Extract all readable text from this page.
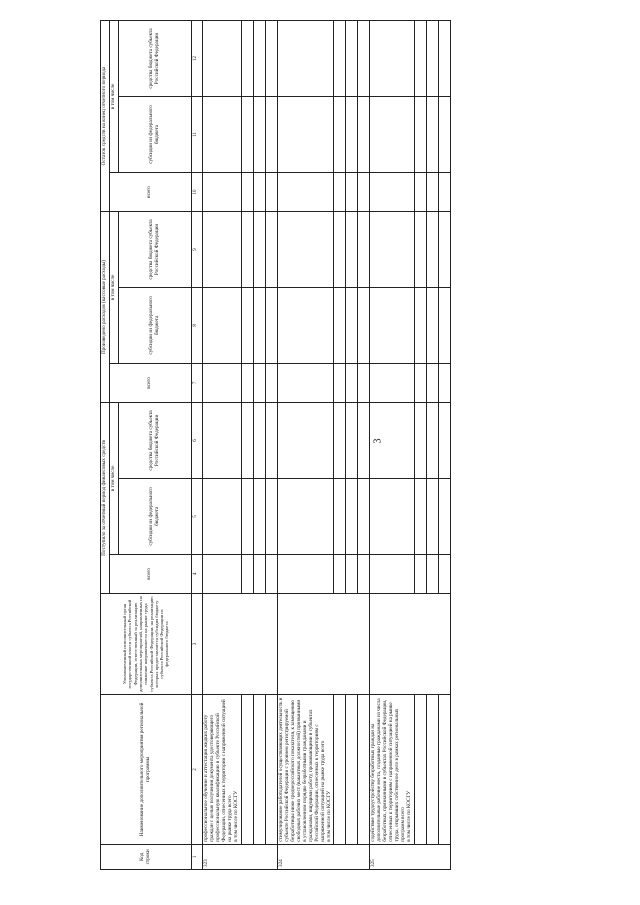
3
Код строки	Наименование дополнительного мероприятия региональной программы	Уполномоченный исполнительный орган государственной власти субъекта Российской Федерации, ответственный за реализацию дополнительных мероприятий, направленных на снижение напряженности на рынке труда субъекта Российской Федерации, на реализацию которых предоставляется субсидия бюджету субъекта Российской Федерации из федерального бюджета	Поступило за отчетный период финансовых средств			Произведено расходов (кассовые расходы)			Остаток средств на конец отчетного периода		
			всего	в том числе		всего	в том числе		всего	в том числе	
				субсидии из федерального бюджета	средства бюджета субъекта Российской Федерации		субсидии из федерального бюджета	средства бюджета субъекта Российской Федерации		субсидии из федерального бюджета	средства бюджета субъекта Российской Федерации
1	2	3	4	5	6	7	8	9	10	11	12
323	профессиональное обучение и аттестация жидких работу граждан с целью получения документа удостоверяющего профессиональную квалификацию в субъекте Российской Федерации, отнесенных к территории с напряженной ситуацией на рынке труда всего
в том числе по КОСГУ										

324	стимулирование работодателей осуществляющих деятельность в субъекте Российской Федерации с уровнем регистрируемой безработицы ниже среднероссийского показателя, к замещению свободных рабочих мест (вакантных должностей) призванными в установленном порядке безработными гражданами и гражданами, ищущими работу, проживающими в субъектах Российской Федерации, отнесенных к территориям с напряженной ситуацией на рынке труда всего
в том числе по КОСГУ										

325	содействие трудоустройству безработных граждан на дополнительные рабочие места, созданные гражданами из числа безработных, признанными в субъектах Российской Федерации, отнесенных к территориям с напряженной ситуацией на рынке труда, открывших собственное дело в рамках региональных программ всего
в том числе по КОСГУ										
